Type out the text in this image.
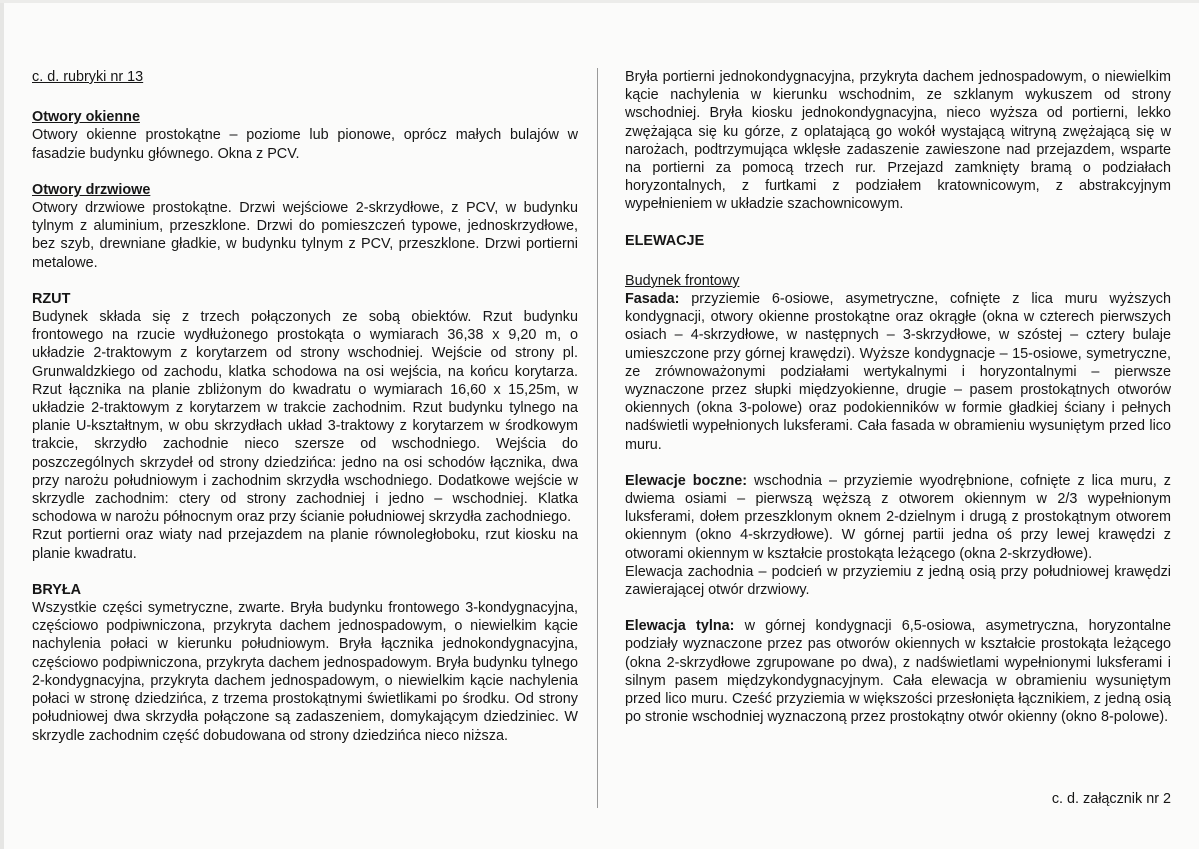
c. d. rubryki nr 13

Otwory okienne

Otwory okienne prostokątne – poziome lub pionowe, oprócz małych bulajów w fasadzie budynku głównego. Okna z PCV.

Otwory drzwiowe

Otwory drzwiowe prostokątne. Drzwi wejściowe 2-skrzydłowe, z PCV, w budynku tylnym z aluminium, przeszklone. Drzwi do pomieszczeń typowe, jednoskrzydłowe, bez szyb, drewniane gładkie, w budynku tylnym z PCV, przeszklone. Drzwi portierni metalowe.

RZUT

Budynek składa się z trzech połączonych ze sobą obiektów. Rzut budynku frontowego na rzucie wydłużonego prostokąta o wymiarach 36,38 x 9,20 m, o układzie 2-traktowym z korytarzem od strony wschodniej. Wejście od strony pl. Grunwaldzkiego od zachodu, klatka schodowa na osi wejścia, na końcu korytarza. Rzut łącznika na planie zbliżonym do kwadratu o wymiarach 16,60 x 15,25m, w układzie 2-traktowym z korytarzem w trakcie zachodnim. Rzut budynku tylnego na planie U-kształtnym, w obu skrzydłach układ 3-traktowy z korytarzem w środkowym trakcie, skrzydło zachodnie nieco szersze od wschodniego. Wejścia do poszczególnych skrzydeł od strony dziedzińca: jedno na osi schodów łącznika, dwa przy narożu południowym i zachodnim skrzydła wschodniego. Dodatkowe wejście w skrzydle zachodnim: ctery od strony zachodniej i jedno – wschodniej. Klatka schodowa w narożu północnym oraz przy ścianie południowej skrzydła zachodniego.

Rzut portierni oraz wiaty nad przejazdem na planie równoległoboku, rzut kiosku na planie kwadratu.

BRYŁA

Wszystkie części symetryczne, zwarte. Bryła budynku frontowego 3-kondygnacyjna, częściowo podpiwniczona, przykryta dachem jednospadowym, o niewielkim kącie nachylenia połaci w kierunku południowym. Bryła łącznika jednokondygnacyjna, częściowo podpiwniczona, przykryta dachem jednospadowym. Bryła budynku tylnego 2-kondygnacyjna, przykryta dachem jednospadowym, o niewielkim kącie nachylenia połaci w stronę dziedzińca, z trzema prostokątnymi świetlikami po środku. Od strony południowej dwa skrzydła połączone są zadaszeniem, domykającym dziedziniec. W skrzydle zachodnim część dobudowana od strony dziedzińca nieco niższa.

Bryła portierni jednokondygnacyjna, przykryta dachem jednospadowym, o niewielkim kącie nachylenia w kierunku wschodnim, ze szklanym wykuszem od strony wschodniej. Bryła kiosku jednokondygnacyjna, nieco wyższa od portierni, lekko zwężająca się ku górze, z oplatającą go wokół wystającą witryną zwężającą się w narożach, podtrzymująca wklęsłe zadaszenie zawieszone nad przejazdem, wsparte na portierni za pomocą trzech rur. Przejazd zamknięty bramą o podziałach horyzontalnych, z furtkami z podziałem kratownicowym, z abstrakcyjnym wypełnieniem w układzie szachownicowym.

ELEWACJE

Budynek frontowy

Fasada: przyziemie 6-osiowe, asymetryczne, cofnięte z lica muru wyższych kondygnacji, otwory okienne prostokątne oraz okrągłe (okna w czterech pierwszych osiach – 4-skrzydłowe, w następnych – 3-skrzydłowe, w szóstej – cztery bulaje umieszczone przy górnej krawędzi). Wyższe kondygnacje – 15-osiowe, symetryczne, ze zrównoważonymi podziałami wertykalnymi i horyzontalnymi – pierwsze wyznaczone przez słupki międzyokienne, drugie – pasem prostokątnych otworów okiennych (okna 3-polowe) oraz podokienników w formie gładkiej ściany i pełnych nadświetli wypełnionych luksferami. Cała fasada w obramieniu wysuniętym przed lico muru.

Elewacje boczne: wschodnia – przyziemie wyodrębnione, cofnięte z lica muru, z dwiema osiami – pierwszą węższą z otworem okiennym w 2/3 wypełnionym luksferami, dołem przeszklonym oknem 2-dzielnym i drugą z prostokątnym otworem okiennym (okno 4-skrzydłowe). W górnej partii jedna oś przy lewej krawędzi z otworami okiennym w kształcie prostokąta leżącego (okna 2-skrzydłowe).

Elewacja zachodnia – podcień w przyziemiu z jedną osią przy południowej krawędzi zawierającej otwór drzwiowy.

Elewacja tylna: w górnej kondygnacji 6,5-osiowa, asymetryczna, horyzontalne podziały wyznaczone przez pas otworów okiennych w kształcie prostokąta leżącego (okna 2-skrzydłowe zgrupowane po dwa), z nadświetlami wypełnionymi luksferami i silnym pasem międzykondygnacyjnym. Cała elewacja w obramieniu wysuniętym przed lico muru. Cześć przyziemia w większości przesłonięta łącznikiem, z jedną osią po stronie wschodniej wyznaczoną przez prostokątny otwór okienny (okno 8-polowe).

c. d. załącznik nr 2
